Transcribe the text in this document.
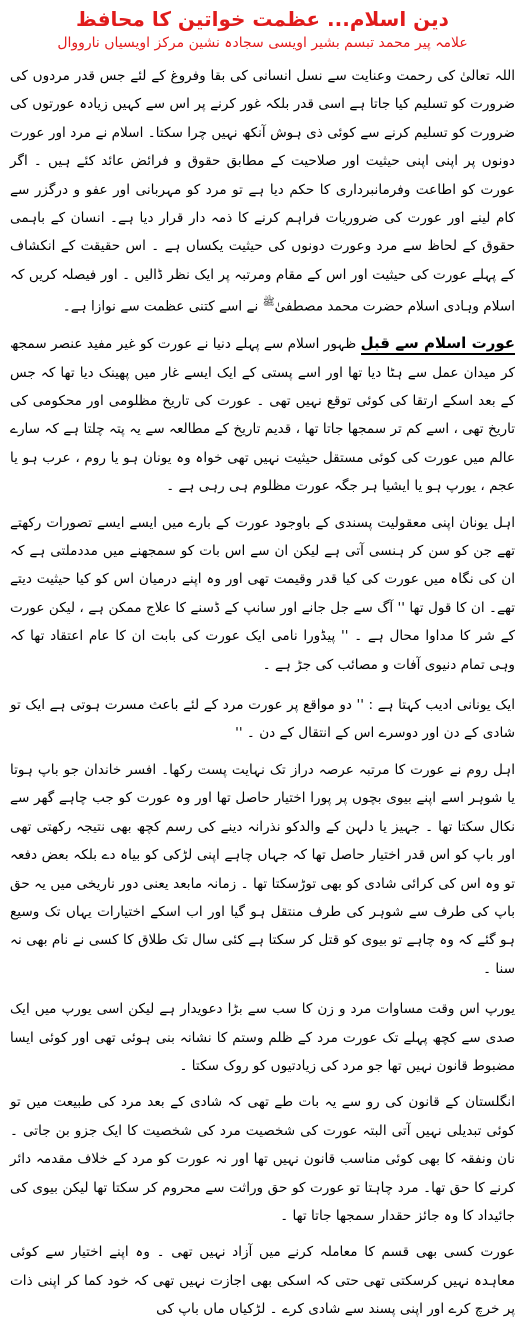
دین اسلام... عظمت خواتین کا محافظ

علامہ پیر محمد تبسم بشیر اویسی سجادہ نشین مرکز اویسیاں نارووال

اللہ تعالیٰ کی رحمت وعنایت سے نسل انسانی کی بقا وفروغ کے لئے جس قدر مردوں کی ضرورت کو تسلیم کیا جاتا ہے اسی قدر بلکہ غور کرنے پر اس سے کہیں زیادہ عورتوں کی ضرورت کو تسلیم کرنے سے کوئی ذی ہوش آنکھ نہیں چرا سکتا۔ اسلام نے مرد اور عورت دونوں پر اپنی اپنی حیثیت اور صلاحیت کے مطابق حقوق و فرائض عائد کئے ہیں ۔ اگر عورت کو اطاعت وفرمانبرداری کا حکم دیا ہے تو مرد کو مہربانی اور عفو و درگزر سے کام لینے اور عورت کی ضروریات فراہم کرنے کا ذمہ دار قرار دیا ہے۔ انسان کے باہمی حقوق کے لحاظ سے مرد وعورت دونوں کی حیثیت یکساں ہے ۔ اس حقیقت کے انکشاف کے پہلے عورت کی حیثیت اور اس کے مقام ومرتبہ پر ایک نظر ڈالیں ۔ اور فیصلہ کریں کہ اسلام وہادی اسلام حضرت محمد مصطفیٰ$^ﷺ$ نے اسے کتنی عظمت سے نوازا ہے۔

عورت اسلام سے قبل ظہور اسلام سے پہلے دنیا نے عورت کو غیر مفید عنصر سمجھ کر میدان عمل سے ہٹا دیا تھا اور اسے پستی کے ایک ایسے غار میں پھینک دیا تھا کہ جس کے بعد اسکے ارتقا کی کوئی توقع نہیں تھی ۔ عورت کی تاریخ مظلومی اور محکومی کی تاریخ تھی ، اسے کم تر سمجھا جاتا تھا ، قدیم تاریخ کے مطالعہ سے یہ پتہ چلتا ہے کہ سارے عالم میں عورت کی کوئی مستقل حیثیت نہیں تھی خواہ وہ یونان ہو یا روم ، عرب ہو یا عجم ، یورپ ہو یا ایشیا ہر جگہ عورت مظلوم ہی رہی ہے ۔

اہل یونان اپنی معقولیت پسندی کے باوجود عورت کے بارے میں ایسے ایسے تصورات رکھتے تھے جن کو سن کر ہنسی آتی ہے لیکن ان سے اس بات کو سمجھنے میں مددملتی ہے کہ ان کی نگاہ میں عورت کی کیا قدر وقیمت تھی اور وہ اپنے درمیان اس کو کیا حیثیت دیتے تھے۔ ان کا قول تھا '' آگ سے جل جانے اور سانپ کے ڈسنے کا علاج ممکن ہے ، لیکن عورت کے شر کا مداوا محال ہے ۔ '' پیڈورا نامی ایک عورت کی بابت ان کا عام اعتقاد تھا کہ وہی تمام دنیوی آفات و مصائب کی جڑ ہے ۔

ایک یونانی ادیب کہتا ہے : '' دو مواقع پر عورت مرد کے لئے باعث مسرت ہوتی ہے ایک تو شادی کے دن اور دوسرے اس کے انتقال کے دن ۔ ''

اہل روم نے عورت کا مرتبہ عرصہ دراز تک نہایت پست رکھا۔ افسر خاندان جو باپ ہوتا یا شوہر اسے اپنے بیوی بچوں پر پورا اختیار حاصل تھا اور وہ عورت کو جب چاہے گھر سے نکال سکتا تھا ۔ جہیز یا دلہن کے والدکو نذرانہ دینے کی رسم کچھ بھی نتیجہ رکھتی تھی اور باپ کو اس قدر اختیار حاصل تھا کہ جہاں چاہے اپنی لڑکی کو بیاہ دے بلکہ بعض دفعہ تو وہ اس کی کرائی شادی کو بھی توڑسکتا تھا ۔ زمانہ مابعد یعنی دور ناریخی میں یہ حق باپ کی طرف سے شوہر کی طرف منتقل ہو گیا اور اب اسکے اختیارات یہاں تک وسیع ہو گئے کہ وہ چاہے تو بیوی کو قتل کر سکتا ہے کئی سال تک طلاق کا کسی نے نام بھی نہ سنا ۔

یورپ اس وقت مساوات مرد و زن کا سب سے بڑا دعویدار ہے لیکن اسی یورپ میں ایک صدی سے کچھ پہلے تک عورت مرد کے ظلم وستم کا نشانہ بنی ہوئی تھی اور کوئی ایسا مضبوط قانون نہیں تھا جو مرد کی زیادتیوں کو روک سکتا ۔

انگلستان کے قانون کی رو سے یہ بات طے تھی کہ شادی کے بعد مرد کی طبیعت میں تو کوئی تبدیلی نہیں آتی البتہ عورت کی شخصیت مرد کی شخصیت کا ایک جزو بن جاتی ۔ نان ونفقہ کا بھی کوئی مناسب قانون نہیں تھا اور نہ عورت کو مرد کے خلاف مقدمہ دائر کرنے کا حق تھا۔ مرد چاہتا تو عورت کو حق وراثت سے محروم کر سکتا تھا لیکن بیوی کی جائیداد کا وہ جائز حقدار سمجھا جاتا تھا ۔

عورت کسی بھی قسم کا معاملہ کرنے میں آزاد نہیں تھی ۔ وہ اپنے اختیار سے کوئی معاہدہ نہیں کرسکتی تھی حتی کہ اسکی بھی اجازت نہیں تھی کہ خود کما کر اپنی ذات پر خرچ کرے اور اپنی پسند سے شادی کرے ۔ لڑکیاں ماں باپ کی
